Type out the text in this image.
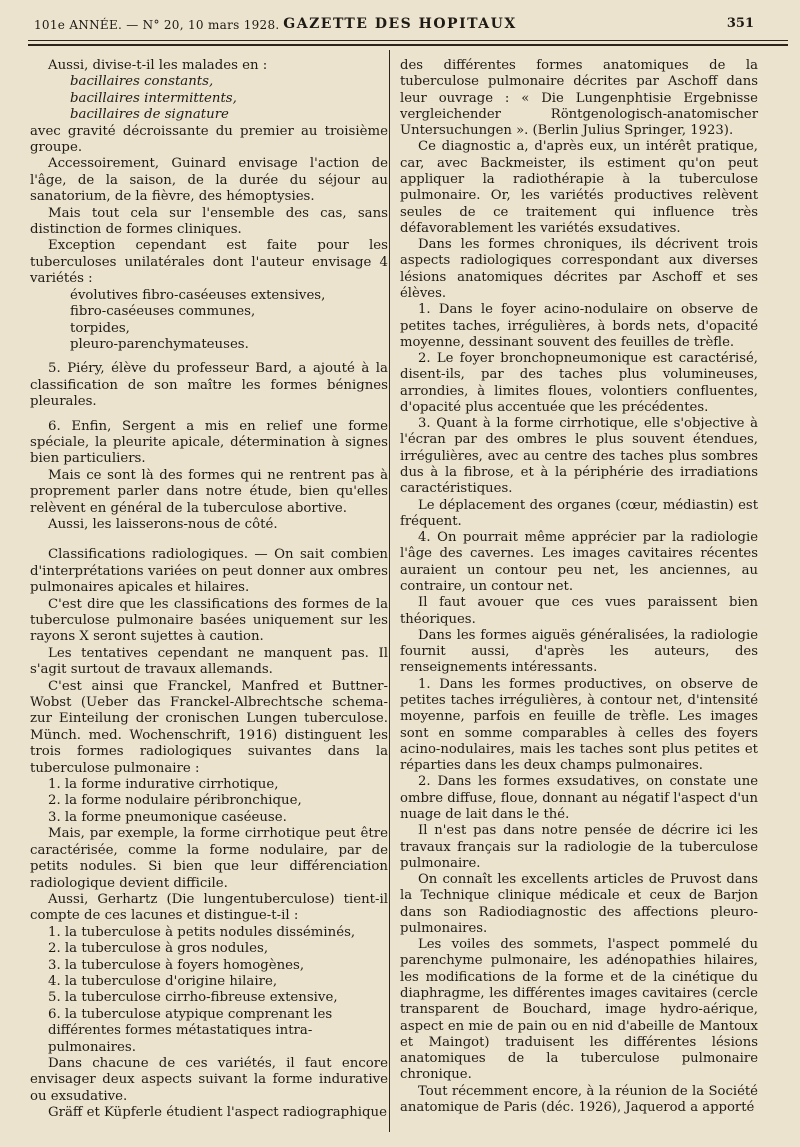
101e ANNÉE. — N° 20, 10 mars 1928. GAZETTE DES HOPITAUX	351

Aussi, divise-t-il les malades en :

bacillaires constants,

bacillaires intermittents,

bacillaires de signature

avec gravité décroissante du premier au troisième groupe.

Accessoirement, Guinard envisage l'action de l'âge, de la saison, de la durée du séjour au sanatorium, de la fièvre, des hémoptysies.

Mais tout cela sur l'ensemble des cas, sans distinction de formes cliniques.

Exception cependant est faite pour les tuberculoses unilatérales dont l'auteur envisage 4 variétés :

évolutives fibro-caséeuses extensives,

fibro-caséeuses communes,

torpides,

pleuro-parenchymateuses.

5. Piéry, élève du professeur Bard, a ajouté à la classification de son maître les formes bénignes pleurales.

6. Enfin, Sergent a mis en relief une forme spéciale, la pleurite apicale, détermination à signes bien particuliers.

Mais ce sont là des formes qui ne rentrent pas à proprement parler dans notre étude, bien qu'elles relèvent en général de la tuberculose abortive.

Aussi, les laisserons-nous de côté.

Classifications radiologiques. — On sait combien d'interprétations variées on peut donner aux ombres pulmonaires apicales et hilaires.

C'est dire que les classifications des formes de la tuberculose pulmonaire basées uniquement sur les rayons X seront sujettes à caution.

Les tentatives cependant ne manquent pas. Il s'agit surtout de travaux allemands.

C'est ainsi que Franckel, Manfred et Buttner-Wobst (Ueber das Franckel-Albrechtsche schema-zur Einteilung der cronischen Lungen tuberculose. Münch. med. Wochenschrift, 1916) distinguent les trois formes radiologiques suivantes dans la tuberculose pulmonaire :

1. la forme indurative cirrhotique,

2. la forme nodulaire péribronchique,

3. la forme pneumonique caséeuse.

Mais, par exemple, la forme cirrhotique peut être caractérisée, comme la forme nodulaire, par de petits nodules. Si bien que leur différenciation radiologique devient difficile.

Aussi, Gerhartz (Die lungentuberculose) tient-il compte de ces lacunes et distingue-t-il :

1. la tuberculose à petits nodules disséminés,

2. la tuberculose à gros nodules,

3. la tuberculose à foyers homogènes,

4. la tuberculose d'origine hilaire,

5. la tuberculose cirrho-fibreuse extensive,

6. la tuberculose atypique comprenant les différentes formes métastatiques intra-pulmonaires.

Dans chacune de ces variétés, il faut encore envisager deux aspects suivant la forme indurative ou exsudative.

Gräff et Küpferle étudient l'aspect radiographique

des différentes formes anatomiques de la tuberculose pulmonaire décrites par Aschoff dans leur ouvrage : « Die Lungenphtisie Ergebnisse vergleichender Röntgenologisch-anatomischer Untersuchungen ». (Berlin Julius Springer, 1923).

Ce diagnostic a, d'après eux, un intérêt pratique, car, avec Backmeister, ils estiment qu'on peut appliquer la radiothérapie à la tuberculose pulmonaire. Or, les variétés productives relèvent seules de ce traitement qui influence très défavorablement les variétés exsudatives.

Dans les formes chroniques, ils décrivent trois aspects radiologiques correspondant aux diverses lésions anatomiques décrites par Aschoff et ses élèves.

1. Dans le foyer acino-nodulaire on observe de petites taches, irrégulières, à bords nets, d'opacité moyenne, dessinant souvent des feuilles de trèfle.

2. Le foyer bronchopneumonique est caractérisé, disent-ils, par des taches plus volumineuses, arrondies, à limites floues, volontiers confluentes, d'opacité plus accentuée que les précédentes.

3. Quant à la forme cirrhotique, elle s'objective à l'écran par des ombres le plus souvent étendues, irrégulières, avec au centre des taches plus sombres dus à la fibrose, et à la périphérie des irradiations caractéristiques.

Le déplacement des organes (cœur, médiastin) est fréquent.

4. On pourrait même apprécier par la radiologie l'âge des cavernes. Les images cavitaires récentes auraient un contour peu net, les anciennes, au contraire, un contour net.

Il faut avouer que ces vues paraissent bien théoriques.

Dans les formes aiguës généralisées, la radiologie fournit aussi, d'après les auteurs, des renseignements intéressants.

1. Dans les formes productives, on observe de petites taches irrégulières, à contour net, d'intensité moyenne, parfois en feuille de trèfle. Les images sont en somme comparables à celles des foyers acino-nodulaires, mais les taches sont plus petites et réparties dans les deux champs pulmonaires.

2. Dans les formes exsudatives, on constate une ombre diffuse, floue, donnant au négatif l'aspect d'un nuage de lait dans le thé.

Il n'est pas dans notre pensée de décrire ici les travaux français sur la radiologie de la tuberculose pulmonaire.

On connaît les excellents articles de Pruvost dans la Technique clinique médicale et ceux de Barjon dans son Radiodiagnostic des affections pleuro-pulmonaires.

Les voiles des sommets, l'aspect pommelé du parenchyme pulmonaire, les adénopathies hilaires, les modifications de la forme et de la cinétique du diaphragme, les différentes images cavitaires (cercle transparent de Bouchard, image hydro-aérique, aspect en mie de pain ou en nid d'abeille de Mantoux et Maingot) traduisent les différentes lésions anatomiques de la tuberculose pulmonaire chronique.

Tout récemment encore, à la réunion de la Société anatomique de Paris (déc. 1926), Jaquerod a apporté
